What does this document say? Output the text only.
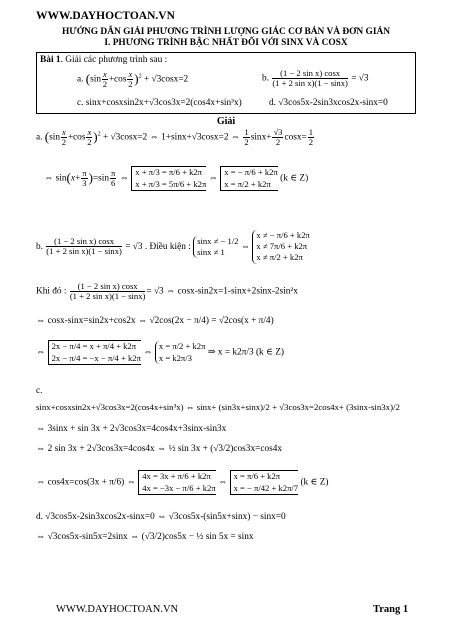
WWW.DAYHOCTOAN.VN
HƯỚNG DẪN GIẢI PHƯƠNG TRÌNH LƯỢNG GIÁC CƠ BẢN VÀ ĐƠN GIẢN
I. PHƯƠNG TRÌNH BẬC NHẤT ĐỐI VỚI SINX VÀ COSX
Bài 1. Giải các phương trình sau :
a. $(\sin \frac{x}{2} +\cos \frac{x}{2} )^2 + √3\cos x=2$	b. $\frac{\text{(1 − 2 sin x) cosx}}{\text{(1 + 2 sin x)(1 − sinx)}} = √3$
c. sinx+cosxsin2x+√3cos3x=2(cos4x+sin³x)	d. √3cos5x-2sin3xcos2x-sinx=0
Giải
a. $(\sin \frac{x}{2} +\cos \frac{x}{2} )^2 + √3\cos x=2$ ⇔ 1+sinx+√3cosx=2 ⇔ $\frac{1}{2} \sin x+ \frac{√3}{2} \cos x= \frac{1}{2}$
⇔ $\sin(x+ \frac{\pi}{3} )=\sin \frac{\pi}{6}$ ⇔
x + π/3 = π/6 + k2π
x + π/3 = 5π/6 + k2π ⇔
x = − π/6 + k2π
x = π/2 + k2π	(k ∈ Z)
b. $\frac{\text{(1 − 2 sin x) cosx}}{\text{(1 + 2 sin x)(1 − sinx)}} = √3$ . Điều kiện :
sinx ≠ − 1/2
sinx ≠ 1	⇔
x ≠ − π/6 + k2π
x ≠ 7π/6 + k2π
x ≠ π/2 + k2π
Khi đó : $\frac{\text{(1 − 2 sin x) cosx}}{\text{(1 + 2 sin x)(1 − sinx)}} = √3$ ⇔ cosx-sin2x=1-sinx+2sinx-2sin²x
⇔ cosx-sinx=sin2x+cos2x ⇔ √2cos(2x − π/4) = √2cos(x + π/4)
⇔
2x − π/4 = x + π/4 + k2π
2x − π/4 = −x − π/4 + k2π ⇔
x = π/2 + k2π
x = k2π/3	⇒ x = k2π/3 (k ∈ Z)
c.
sinx+cosxsin2x+√3cos3x=2(cos4x+sin³x) ⇔ sinx+ (sin3x+sinx)/2 + √3cos3x=2cos4x+ (3sinx-sin3x)/2
⇔ 3sinx + sin 3x + 2√3cos3x=4cos4x+3sinx-sin3x
⇔ 2 sin 3x + 2√3cos3x=4cos4x ⇔ ½ sin 3x + (√3/2)cos3x=cos4x
⇔ cos4x=cos(3x + π/6) ⇔
4x = 3x + π/6 + k2π
4x = −3x − π/6 + k2π ⇔
x = π/6 + k2π
x = − π/42 + k2π/7 (k ∈ Z)
d. √3cos5x-2sin3xcos2x-sinx=0 ⇔ √3cos5x-(sin5x+sinx) − sinx=0
⇔ √3cos5x-sin5x=2sinx ⇔ (√3/2)cos5x − ½ sin 5x = sinx
WWW.DAYHOCTOAN.VN	Trang 1
